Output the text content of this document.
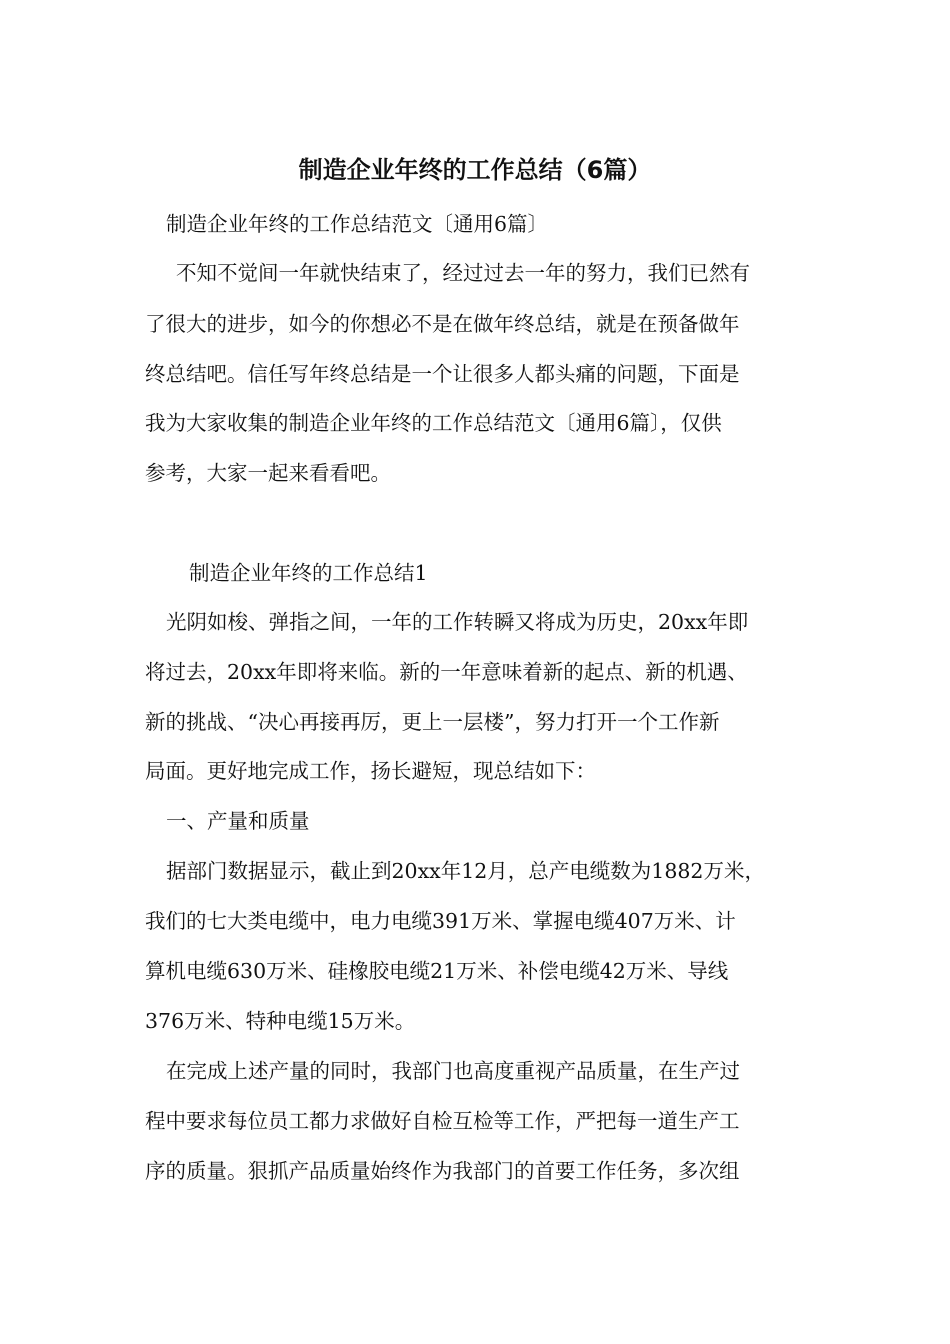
制造企业年终的工作总结（6篇）
制造企业年终的工作总结范文〔通用6篇〕
不知不觉间一年就快结束了，经过过去一年的努力，我们已然有
了很大的进步，如今的你想必不是在做年终总结，就是在预备做年
终总结吧。信任写年终总结是一个让很多人都头痛的问题，下面是
我为大家收集的制造企业年终的工作总结范文〔通用6篇〕，仅供
参考，大家一起来看看吧。
制造企业年终的工作总结1
光阴如梭、弹指之间，一年的工作转瞬又将成为历史，20xx年即
将过去，20xx年即将来临。新的一年意味着新的起点、新的机遇、
新的挑战、“决心再接再厉，更上一层楼”，努力打开一个工作新
局面。更好地完成工作，扬长避短，现总结如下：
一、产量和质量
据部门数据显示，截止到20xx年12月，总产电缆数为1882万米，
我们的七大类电缆中，电力电缆391万米、掌握电缆407万米、计
算机电缆630万米、硅橡胶电缆21万米、补偿电缆42万米、导线
376万米、特种电缆15万米。
在完成上述产量的同时，我部门也高度重视产品质量，在生产过
程中要求每位员工都力求做好自检互检等工作，严把每一道生产工
序的质量。狠抓产品质量始终作为我部门的首要工作任务，多次组
